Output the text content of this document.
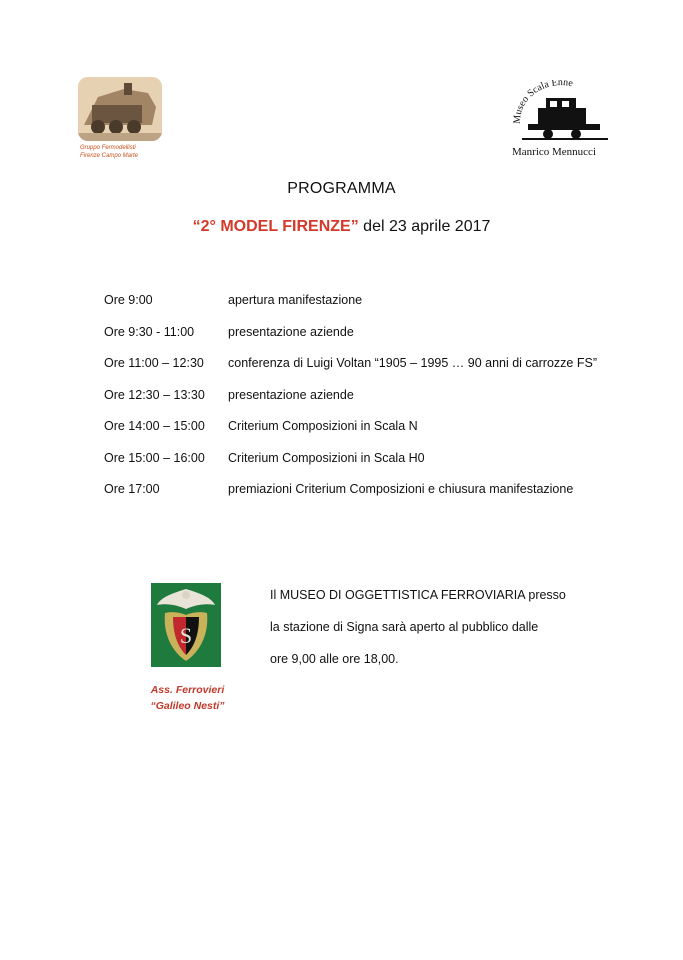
Gruppo Fermodellisti
Firenze Campo Marte
Museo Scala Enne
Manrico Mennucci
PROGRAMMA
“2° MODEL FIRENZE” del 23 aprile 2017
Ore 9:00	apertura manifestazione
Ore 9:30 - 11:00	presentazione aziende
Ore 11:00 – 12:30 conferenza di Luigi Voltan “1905 – 1995 … 90 anni di carrozze FS”
Ore 12:30 – 13:30 presentazione aziende
Ore 14:00 – 15:00 Criterium Composizioni in Scala N
Ore 15:00 – 16:00 Criterium Composizioni in Scala H0
Ore 17:00	premiazioni Criterium Composizioni e chiusura manifestazione
S
Ass. Ferrovieri
“Galileo Nesti”
Il MUSEO DI OGGETTISTICA FERROVIARIA presso
la stazione di Signa sarà aperto al pubblico dalle
ore 9,00 alle ore 18,00.
